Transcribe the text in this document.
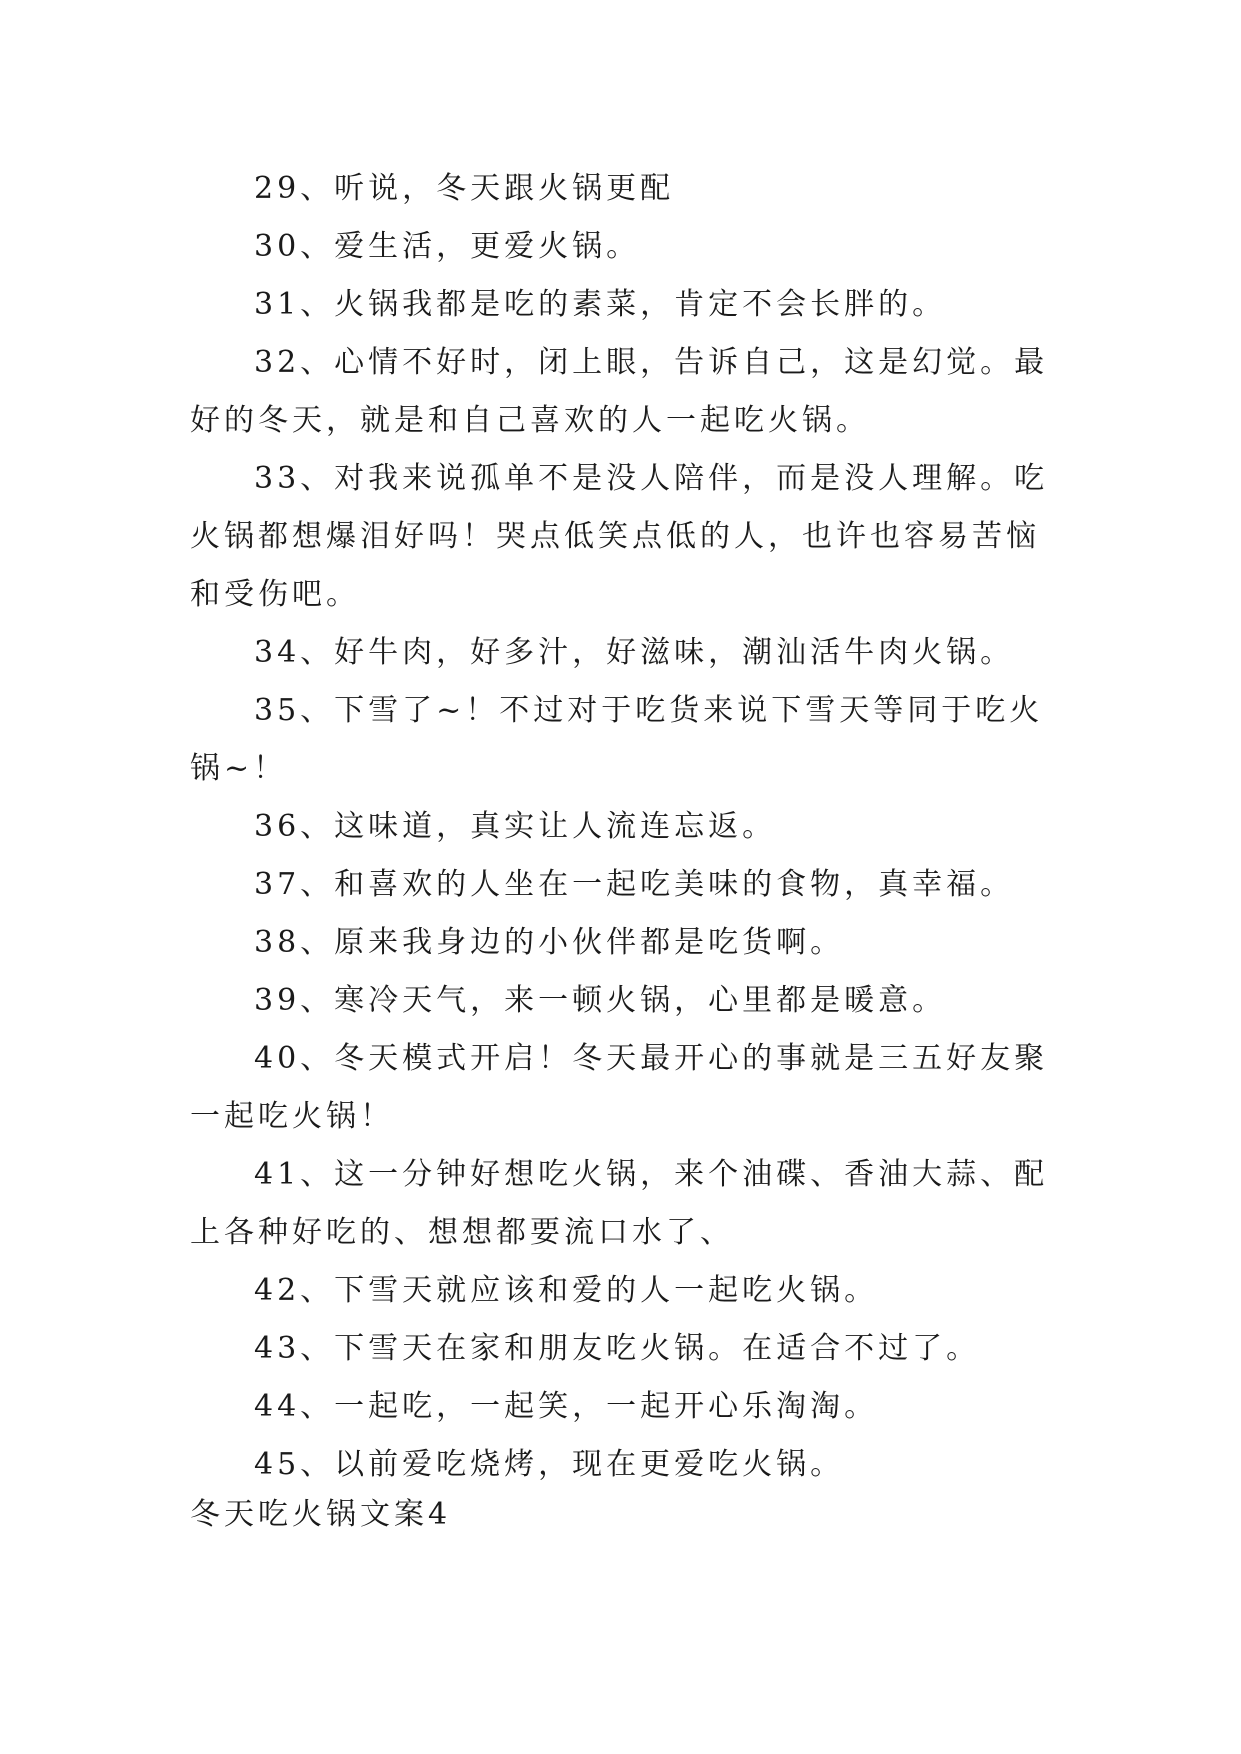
29、听说，冬天跟火锅更配

30、爱生活，更爱火锅。

31、火锅我都是吃的素菜，肯定不会长胖的。

32、心情不好时，闭上眼，告诉自己，这是幻觉。最好的冬天，就是和自己喜欢的人一起吃火锅。

33、对我来说孤单不是没人陪伴，而是没人理解。吃火锅都想爆泪好吗！哭点低笑点低的人，也许也容易苦恼和受伤吧。

34、好牛肉，好多汁，好滋味，潮汕活牛肉火锅。

35、下雪了~！不过对于吃货来说下雪天等同于吃火锅~！

36、这味道，真实让人流连忘返。

37、和喜欢的人坐在一起吃美味的食物，真幸福。

38、原来我身边的小伙伴都是吃货啊。

39、寒冷天气，来一顿火锅，心里都是暖意。

40、冬天模式开启！冬天最开心的事就是三五好友聚一起吃火锅！

41、这一分钟好想吃火锅，来个油碟、香油大蒜、配上各种好吃的、想想都要流口水了、

42、下雪天就应该和爱的人一起吃火锅。

43、下雪天在家和朋友吃火锅。在适合不过了。

44、一起吃，一起笑，一起开心乐淘淘。

45、以前爱吃烧烤，现在更爱吃火锅。

冬天吃火锅文案4
